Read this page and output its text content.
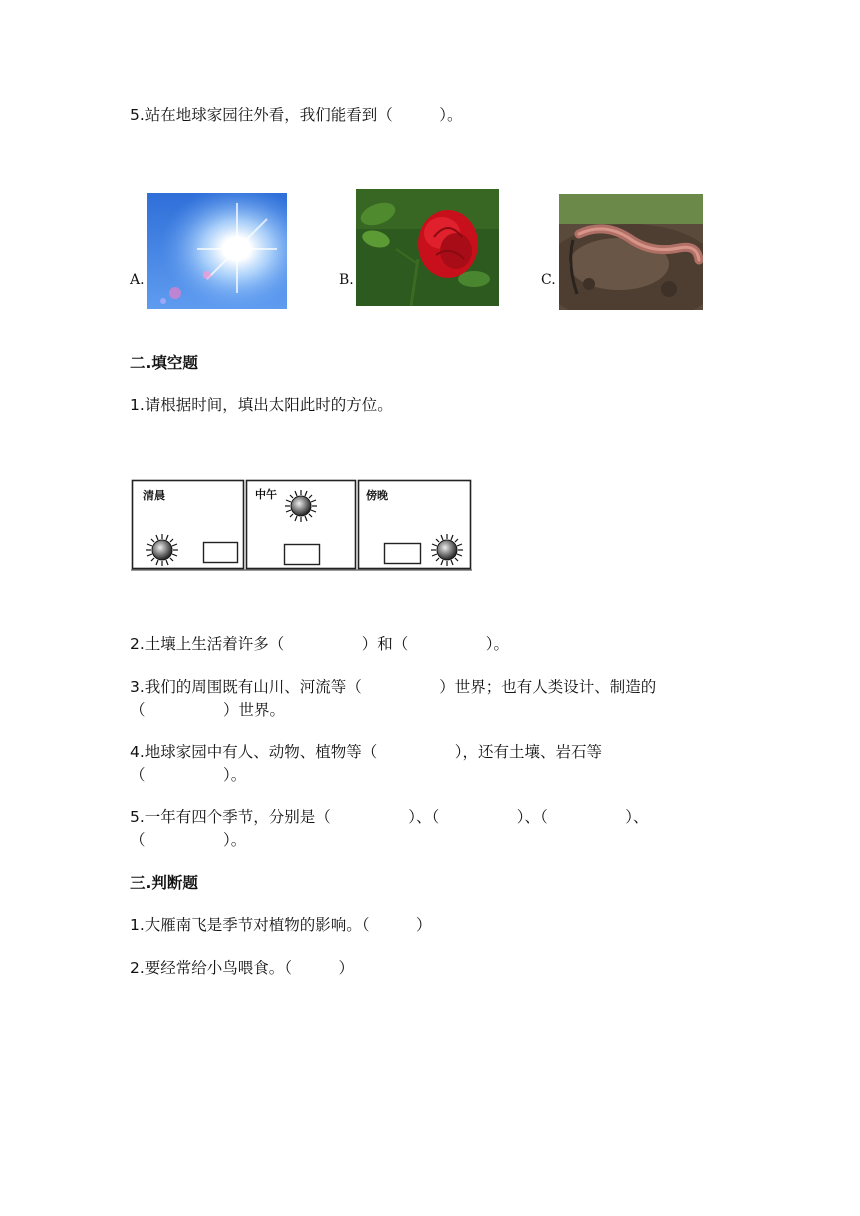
5.站在地球家园往外看，我们能看到（　　　）。
A.	B.	C.
二.填空题
1.请根据时间，填出太阳此时的方位。
清晨	中午	傍晚
2.土壤上生活着许多（　　　　　）和（　　　　　）。
3.我们的周围既有山川、河流等（　　　　　）世界；也有人类设计、制造的
（　　　　　）世界。
4.地球家园中有人、动物、植物等（　　　　　），还有土壤、岩石等
（　　　　　）。
5.一年有四个季节，分别是（　　　　　）、（　　　　　）、（　　　　　）、
（　　　　　）。
三.判断题
1.大雁南飞是季节对植物的影响。（　　　）
2.要经常给小鸟喂食。（　　　）
